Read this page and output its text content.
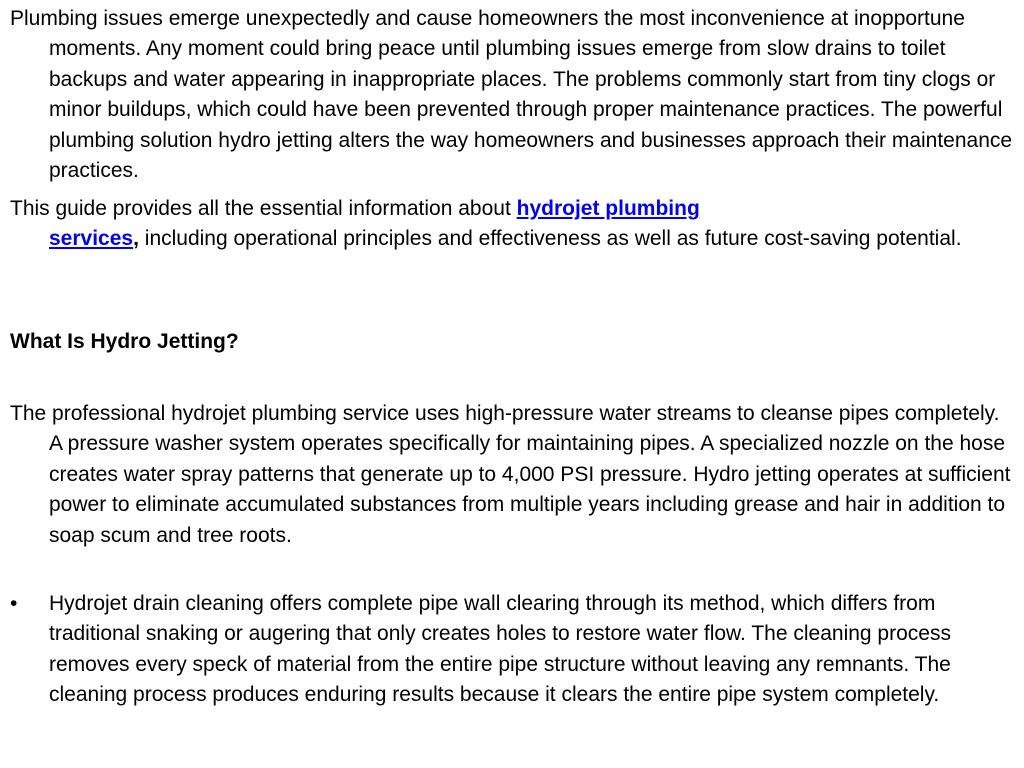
Plumbing issues emerge unexpectedly and cause homeowners the most inconvenience at inopportune moments. Any moment could bring peace until plumbing issues emerge from slow drains to toilet backups and water appearing in inappropriate places. The problems commonly start from tiny clogs or minor buildups, which could have been prevented through proper maintenance practices. The powerful plumbing solution hydro jetting alters the way homeowners and businesses approach their maintenance practices.

This guide provides all the essential information about hydrojet plumbing
services, including operational principles and effectiveness as well as future cost-saving potential.

What Is Hydro Jetting?

The professional hydrojet plumbing service uses high-pressure water streams to cleanse pipes completely. A pressure washer system operates specifically for maintaining pipes. A specialized nozzle on the hose creates water spray patterns that generate up to 4,000 PSI pressure. Hydro jetting operates at sufficient power to eliminate accumulated substances from multiple years including grease and hair in addition to soap scum and tree roots.

• Hydrojet drain cleaning offers complete pipe wall clearing through its method, which differs from traditional snaking or augering that only creates holes to restore water flow. The cleaning process removes every speck of material from the entire pipe structure without leaving any remnants. The cleaning process produces enduring results because it clears the entire pipe system completely.
